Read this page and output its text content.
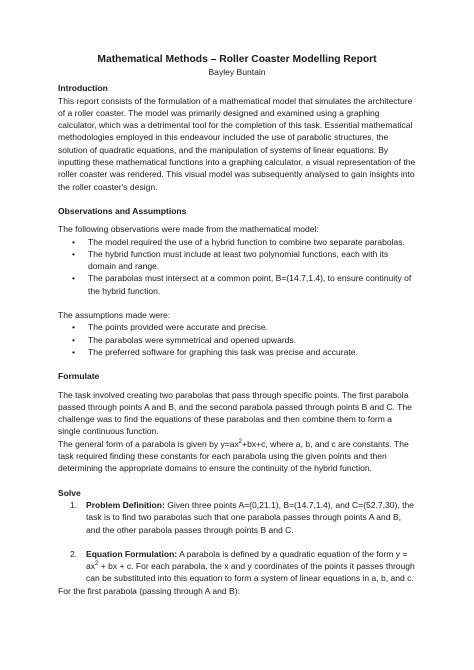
Mathematical Methods – Roller Coaster Modelling Report

Bayley Buntain

Introduction

This report consists of the formulation of a mathematical model that simulates the architecture of a roller coaster. The model was primarily designed and examined using a graphing calculator, which was a detrimental tool for the completion of this task. Essential mathematical methodologies employed in this endeavour included the use of parabolic structures, the solution of quadratic equations, and the manipulation of systems of linear equations. By inputting these mathematical functions into a graphing calculator, a visual representation of the roller coaster was rendered. This visual model was subsequently analysed to gain insights into the roller coaster's design.

Observations and Assumptions

The following observations were made from the mathematical model:

• The model required the use of a hybrid function to combine two separate parabolas.
• The hybrid function must include at least two polynomial functions, each with its domain and range.
• The parabolas must intersect at a common point, B=(14.7,1.4), to ensure continuity of the hybrid function.

The assumptions made were:

• The points provided were accurate and precise.
• The parabolas were symmetrical and opened upwards.
• The preferred software for graphing this task was precise and accurate.
Formulate

The task involved creating two parabolas that pass through specific points. The first parabola passed through points A and B, and the second parabola passed through points B and C. The challenge was to find the equations of these parabolas and then combine them to form a single continuous function.

The general form of a parabola is given by $y=ax^2+bx+c$, where a, b, and c are constants. The task required finding these constants for each parabola using the given points and then determining the appropriate domains to ensure the continuity of the hybrid function.

Solve
1. Problem Definition: Given three points A=(0,21.1), B=(14.7,1.4), and C=(52.7,30), the task is to find two parabolas such that one parabola passes through points A and B, and the other parabola passes through points B and C.
2. Equation Formulation: A parabola is defined by a quadratic equation of the form $y = ax^2$ + bx + c. For each parabola, the x and y coordinates of the points it passes through can be substituted into this equation to form a system of linear equations in a, b, and c.

For the first parabola (passing through A and B):
